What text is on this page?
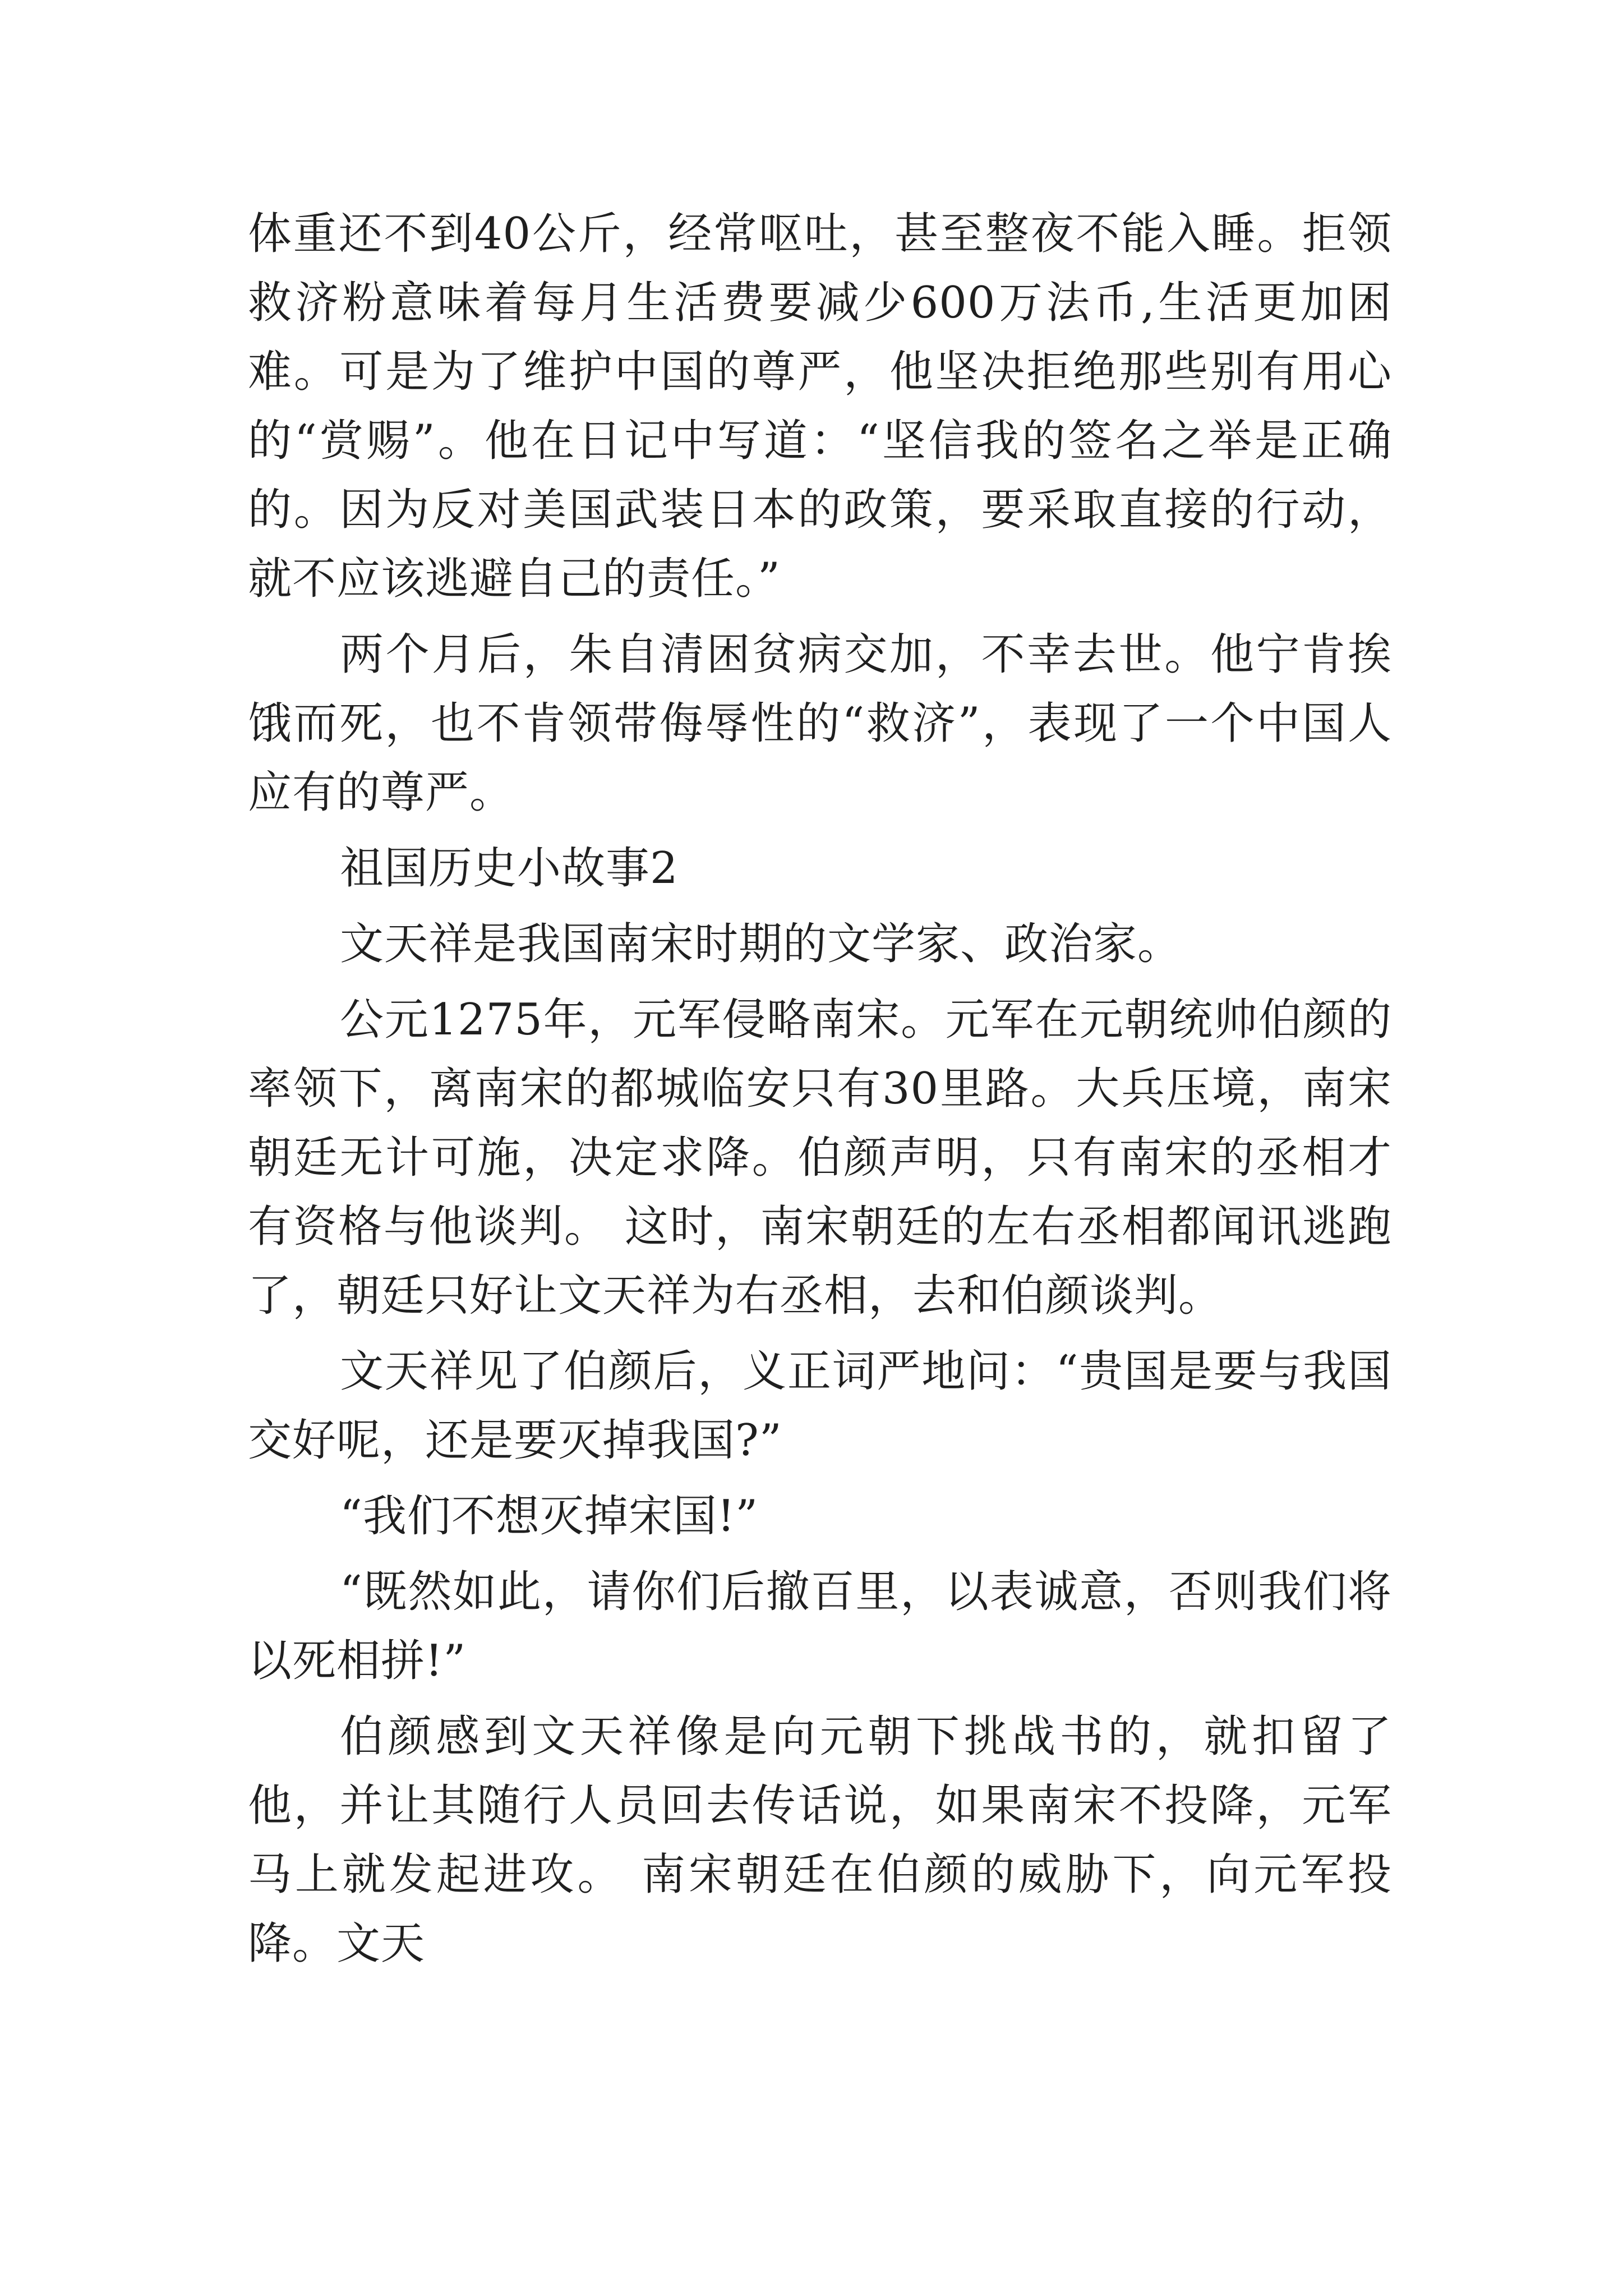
体重还不到40公斤，经常呕吐，甚至整夜不能入睡。拒领救济粉意味着每月生活费要减少600万法币,生活更加困难。可是为了维护中国的尊严，他坚决拒绝那些别有用心的“赏赐”。他在日记中写道：“坚信我的签名之举是正确的。因为反对美国武装日本的政策，要采取直接的行动，就不应该逃避自己的责任。”

两个月后，朱自清困贫病交加，不幸去世。他宁肯挨饿而死，也不肯领带侮辱性的“救济”，表现了一个中国人应有的尊严。

祖国历史小故事2

文天祥是我国南宋时期的文学家、政治家。

公元1275年，元军侵略南宋。元军在元朝统帅伯颜的率领下，离南宋的都城临安只有30里路。大兵压境，南宋朝廷无计可施，决定求降。伯颜声明，只有南宋的丞相才有资格与他谈判。 这时，南宋朝廷的左右丞相都闻讯逃跑了，朝廷只好让文天祥为右丞相，去和伯颜谈判。

文天祥见了伯颜后，义正词严地问：“贵国是要与我国交好呢，还是要灭掉我国?”

“我们不想灭掉宋国!”

“既然如此，请你们后撤百里，以表诚意，否则我们将以死相拼!”

伯颜感到文天祥像是向元朝下挑战书的，就扣留了他，并让其随行人员回去传话说，如果南宋不投降，元军马上就发起进攻。 南宋朝廷在伯颜的威胁下，向元军投降。文天
